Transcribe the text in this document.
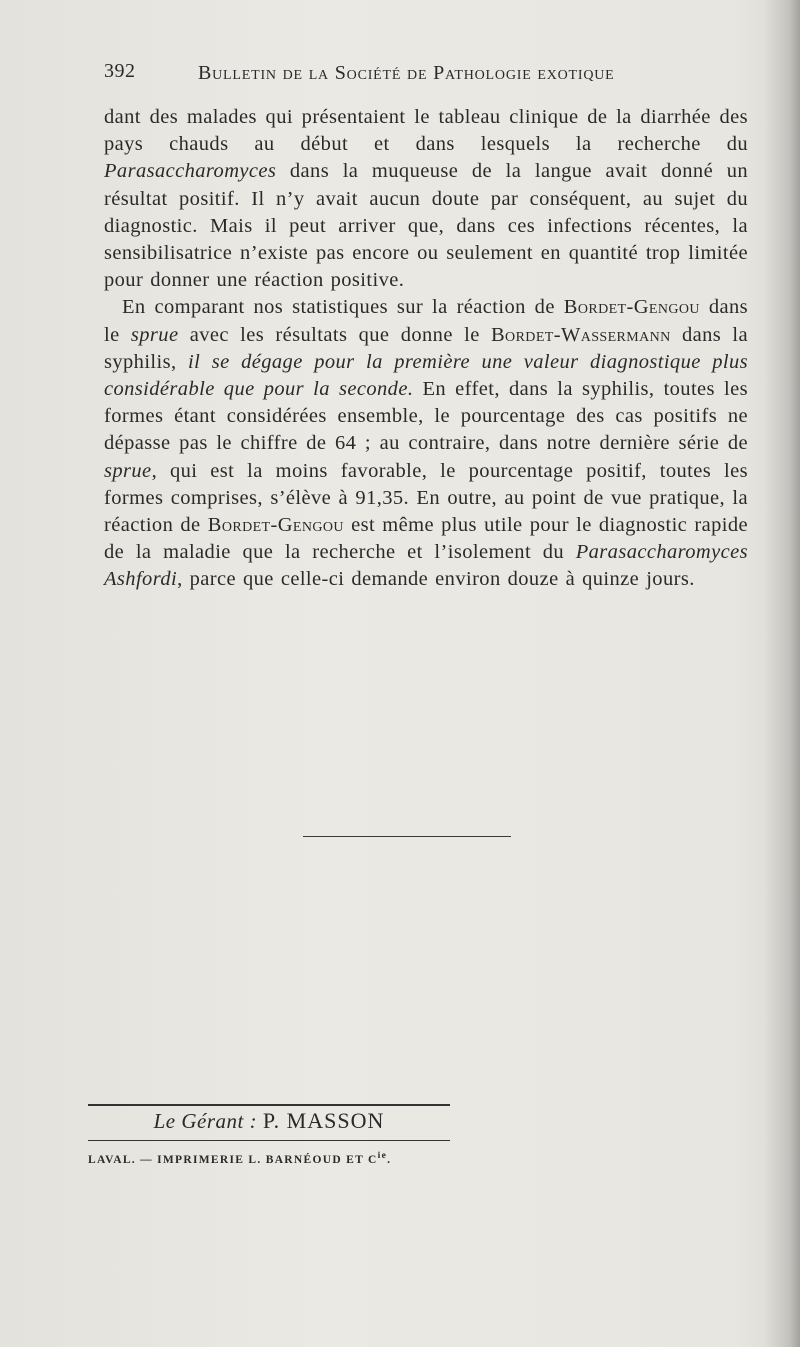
392	Bulletin de la Société de Pathologie exotique

dant des malades qui présentaient le tableau clinique de la diarrhée des pays chauds au début et dans lesquels la recherche du Parasaccharomyces dans la muqueuse de la langue avait donné un résultat positif. Il n’y avait aucun doute par conséquent, au sujet du diagnostic. Mais il peut arriver que, dans ces infections récentes, la sensibilisatrice n’existe pas encore ou seulement en quantité trop limitée pour donner une réaction positive.

En comparant nos statistiques sur la réaction de Bordet-Gengou dans le sprue avec les résultats que donne le Bordet-Wassermann dans la syphilis, il se dégage pour la première une valeur diagnostique plus considérable que pour la seconde. En effet, dans la syphilis, toutes les formes étant considérées ensemble, le pourcentage des cas positifs ne dépasse pas le chiffre de 64 ; au contraire, dans notre dernière série de sprue, qui est la moins favorable, le pourcentage positif, toutes les formes comprises, s’élève à 91,35. En outre, au point de vue pratique, la réaction de Bordet-Gengou est même plus utile pour le diagnostic rapide de la maladie que la recherche et l’isolement du Parasaccharomyces Ashfordi, parce que celle-ci demande environ douze à quinze jours.

Le Gérant : P. MASSON
LAVAL. — IMPRIMERIE L. BARNÉOUD ET $C^{ie}$.
